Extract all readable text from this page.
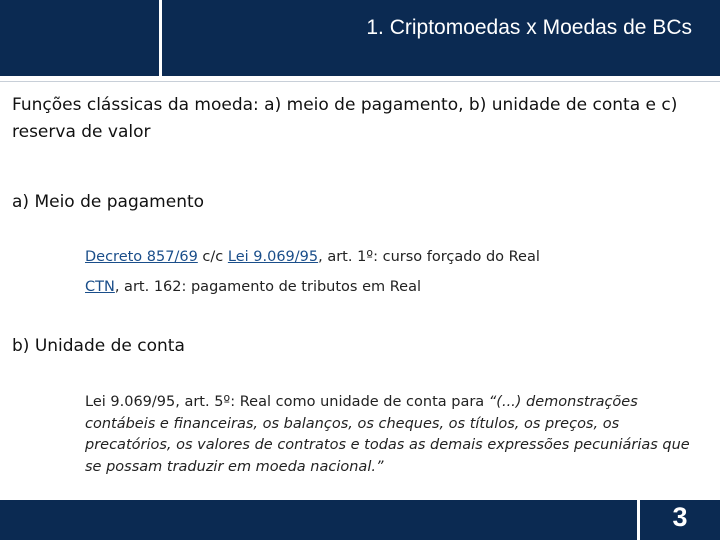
1. Criptomoedas x Moedas de BCs
Funções clássicas da moeda: a) meio de pagamento, b) unidade de conta e c) reserva de valor
a) Meio de pagamento
Decreto 857/69 c/c Lei 9.069/95, art. 1º: curso forçado do Real
CTN, art. 162: pagamento de tributos em Real
b) Unidade de conta
Lei 9.069/95, art. 5º: Real como unidade de conta para “(...) demonstrações contábeis e financeiras, os balanços, os cheques, os títulos, os preços, os precatórios, os valores de contratos e todas as demais expressões pecuniárias que se possam traduzir em moeda nacional.”
3
